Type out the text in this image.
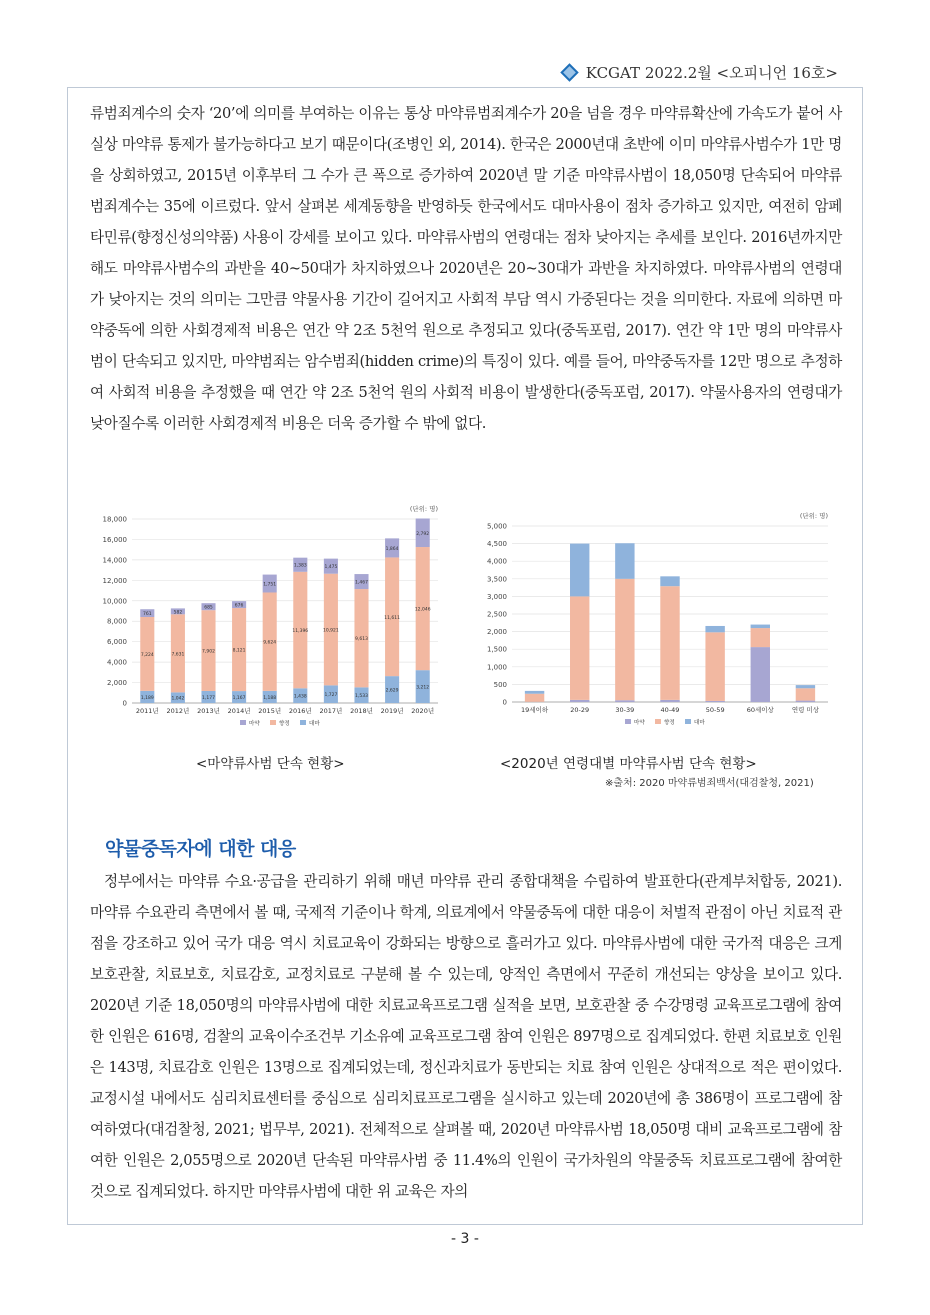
KCGAT 2022.2월 <오피니언 16호>

류범죄계수의 숫자 ‘20’에 의미를 부여하는 이유는 통상 마약류범죄계수가 20을 넘을 경우 마약류확산에 가속도가 붙어 사실상 마약류 통제가 불가능하다고 보기 때문이다(조병인 외, 2014). 한국은 2000년대 초반에 이미 마약류사범수가 1만 명을 상회하였고, 2015년 이후부터 그 수가 큰 폭으로 증가하여 2020년 말 기준 마약류사범이 18,050명 단속되어 마약류범죄계수는 35에 이르렀다. 앞서 살펴본 세계동향을 반영하듯 한국에서도 대마사용이 점차 증가하고 있지만, 여전히 암페타민류(향정신성의약품) 사용이 강세를 보이고 있다. 마약류사범의 연령대는 점차 낮아지는 추세를 보인다. 2016년까지만 해도 마약류사범수의 과반을 40~50대가 차지하였으나 2020년은 20~30대가 과반을 차지하였다. 마약류사범의 연령대가 낮아지는 것의 의미는 그만큼 약물사용 기간이 길어지고 사회적 부담 역시 가중된다는 것을 의미한다. 자료에 의하면 마약중독에 의한 사회경제적 비용은 연간 약 2조 5천억 원으로 추정되고 있다(중독포럼, 2017). 연간 약 1만 명의 마약류사범이 단속되고 있지만, 마약범죄는 암수범죄(hidden crime)의 특징이 있다. 예를 들어, 마약중독자를 12만 명으로 추정하여 사회적 비용을 추정했을 때 연간 약 2조 5천억 원의 사회적 비용이 발생한다(중독포럼, 2017). 약물사용자의 연령대가 낮아질수록 이러한 사회경제적 비용은 더욱 증가할 수 밖에 없다.

(단위: 명)
0
2,000
4,000
6,000
8,000
10,000
12,000
14,000
16,000
18,000
1,189
7,224
761
2011년
1,042
7,631
582
2012년
1,177
7,902
685
2013년
1,167
8,121
676
2014년
1,188
9,624
1,751
2015년
1,438
11,396
1,383
2016년
1,727
10,921
1,475
2017년
1,533
9,613
1,467
2018년
2,629
11,611
1,864
2019년
3,212
12,046
2,792
2020년
마약	향정	대마
(단위: 명)
0
500
1,000
1,500
2,000
2,500
3,000
3,500
4,000
4,500
5,000
19세이하	20-29	30-39	40-49	50-59	60세이상	연령 미상
마약	향정	대마
<마약류사범 단속 현황>	<2020년 연령대별 마약류사범 단속 현황>
※출처: 2020 마약류범죄백서(대검찰청, 2021)
약물중독자에 대한 대응

정부에서는 마약류 수요·공급을 관리하기 위해 매년 마약류 관리 종합대책을 수립하여 발표한다(관계부처합동, 2021). 마약류 수요관리 측면에서 볼 때, 국제적 기준이나 학계, 의료계에서 약물중독에 대한 대응이 처벌적 관점이 아닌 치료적 관점을 강조하고 있어 국가 대응 역시 치료교육이 강화되는 방향으로 흘러가고 있다. 마약류사범에 대한 국가적 대응은 크게 보호관찰, 치료보호, 치료감호, 교정치료로 구분해 볼 수 있는데, 양적인 측면에서 꾸준히 개선되는 양상을 보이고 있다. 2020년 기준 18,050명의 마약류사범에 대한 치료교육프로그램 실적을 보면, 보호관찰 중 수강명령 교육프로그램에 참여한 인원은 616명, 검찰의 교육이수조건부 기소유예 교육프로그램 참여 인원은 897명으로 집계되었다. 한편 치료보호 인원은 143명, 치료감호 인원은 13명으로 집계되었는데, 정신과치료가 동반되는 치료 참여 인원은 상대적으로 적은 편이었다. 교정시설 내에서도 심리치료센터를 중심으로 심리치료프로그램을 실시하고 있는데 2020년에 총 386명이 프로그램에 참여하였다(대검찰청, 2021; 법무부, 2021). 전체적으로 살펴볼 때, 2020년 마약류사범 18,050명 대비 교육프로그램에 참여한 인원은 2,055명으로 2020년 단속된 마약류사범 중 11.4%의 인원이 국가차원의 약물중독 치료프로그램에 참여한 것으로 집계되었다. 하지만 마약류사범에 대한 위 교육은 자의

- 3 -
